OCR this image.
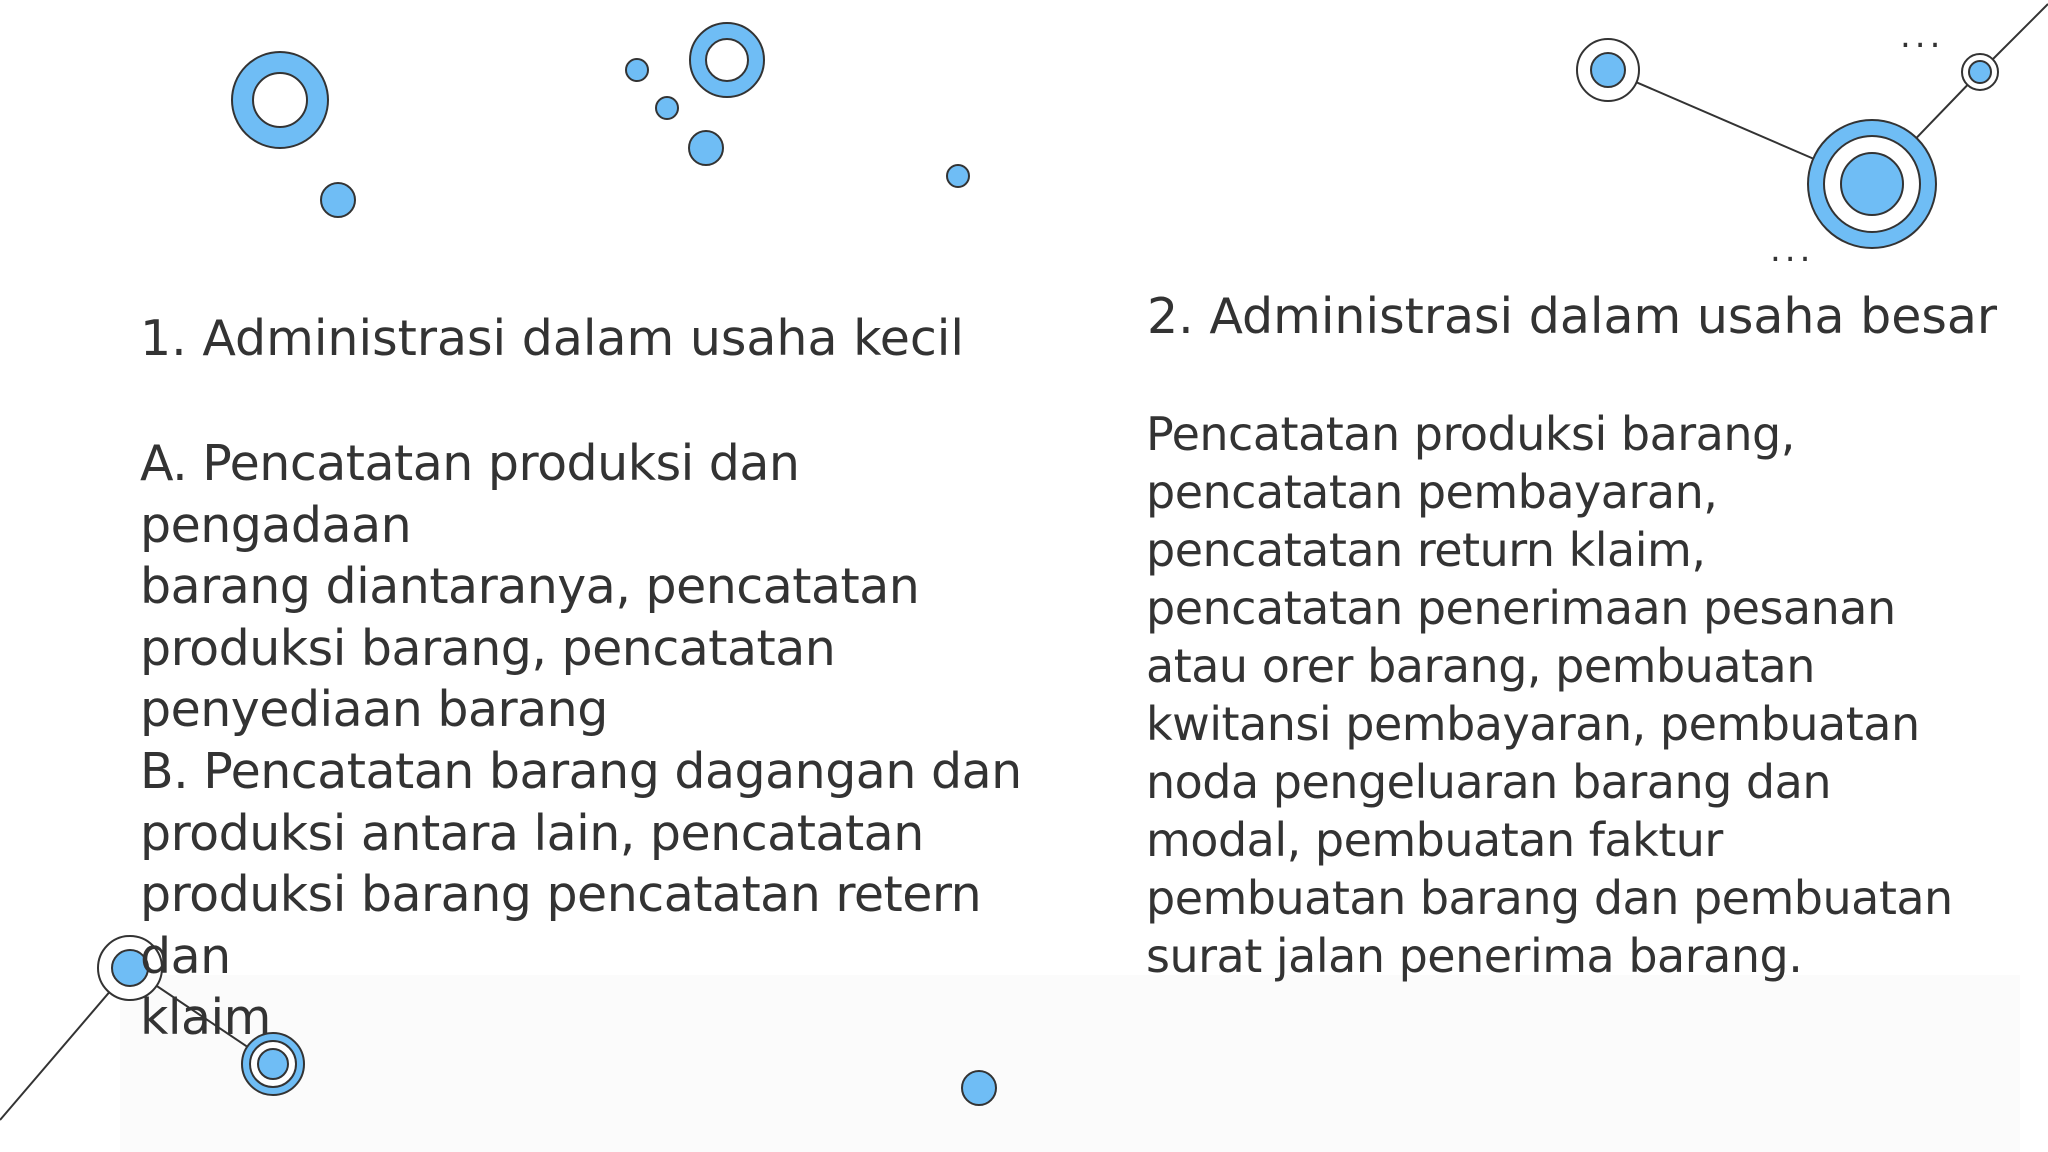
...
...
1. Administrasi dalam usaha kecil
A. Pencatatan produksi dan pengadaan
barang diantaranya, pencatatan
produksi barang, pencatatan
penyediaan barang
B. Pencatatan barang dagangan dan
produksi antara lain, pencatatan
produksi barang pencatatan retern dan
klaim
2. Administrasi dalam usaha besar
Pencatatan produksi barang,
pencatatan pembayaran,
pencatatan return klaim,
pencatatan penerimaan pesanan
atau orer barang, pembuatan
kwitansi pembayaran, pembuatan
noda pengeluaran barang dan
modal, pembuatan faktur
pembuatan barang dan pembuatan
surat jalan penerima barang.
